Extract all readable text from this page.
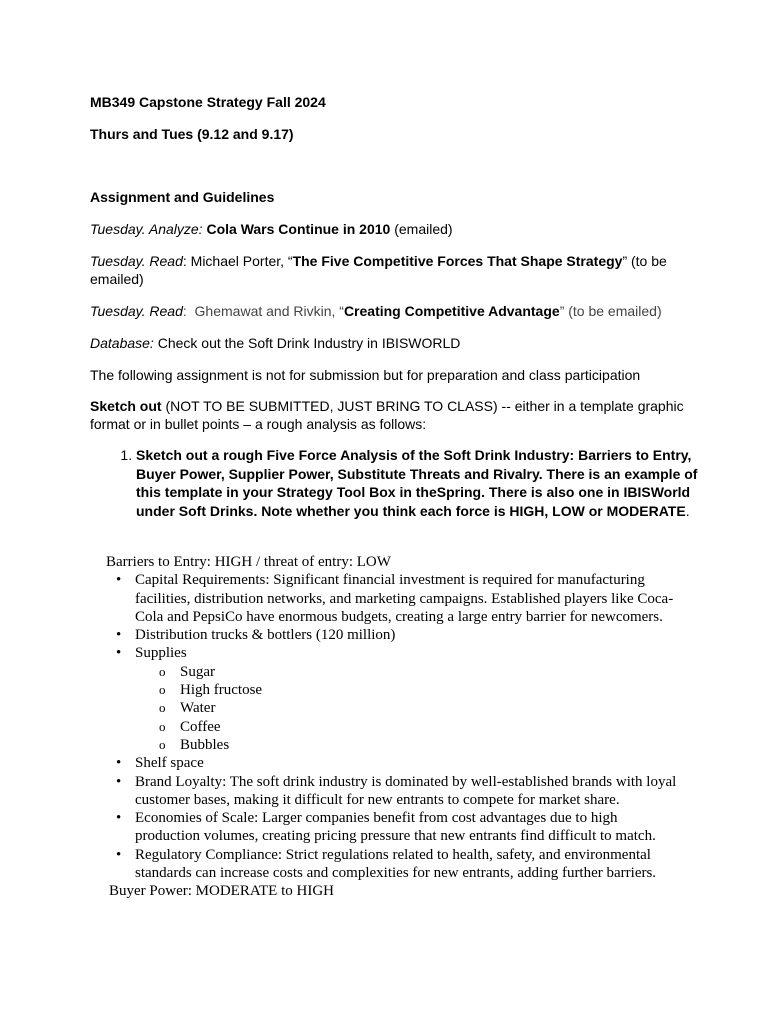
MB349 Capstone Strategy Fall 2024

Thurs and Tues (9.12 and 9.17)

Assignment and Guidelines

Tuesday. Analyze: Cola Wars Continue in 2010 (emailed)

Tuesday. Read: Michael Porter, “The Five Competitive Forces That Shape Strategy” (to be emailed)

Tuesday. Read:  Ghemawat and Rivkin, “Creating Competitive Advantage” (to be emailed)

Database: Check out the Soft Drink Industry in IBISWORLD

The following assignment is not for submission but for preparation and class participation

Sketch out (NOT TO BE SUBMITTED, JUST BRING TO CLASS) -- either in a template graphic format or in bullet points – a rough analysis as follows:

1. Sketch out a rough Five Force Analysis of the Soft Drink Industry: Barriers to Entry, Buyer Power, Supplier Power, Substitute Threats and Rivalry. There is an example of this template in your Strategy Tool Box in theSpring. There is also one in IBISWorld under Soft Drinks. Note whether you think each force is HIGH, LOW or MODERATE.

Barriers to Entry: HIGH / threat of entry: LOW

• Capital Requirements: Significant financial investment is required for manufacturing facilities, distribution networks, and marketing campaigns. Established players like Coca-Cola and PepsiCo have enormous budgets, creating a large entry barrier for newcomers.
• Distribution trucks & bottlers (120 million)
• Supplies
o Sugar
o High fructose
o Water
o Coffee
o Bubbles
• Shelf space
• Brand Loyalty: The soft drink industry is dominated by well-established brands with loyal customer bases, making it difficult for new entrants to compete for market share.
• Economies of Scale: Larger companies benefit from cost advantages due to high production volumes, creating pricing pressure that new entrants find difficult to match.
• Regulatory Compliance: Strict regulations related to health, safety, and environmental standards can increase costs and complexities for new entrants, adding further barriers.

Buyer Power: MODERATE to HIGH
